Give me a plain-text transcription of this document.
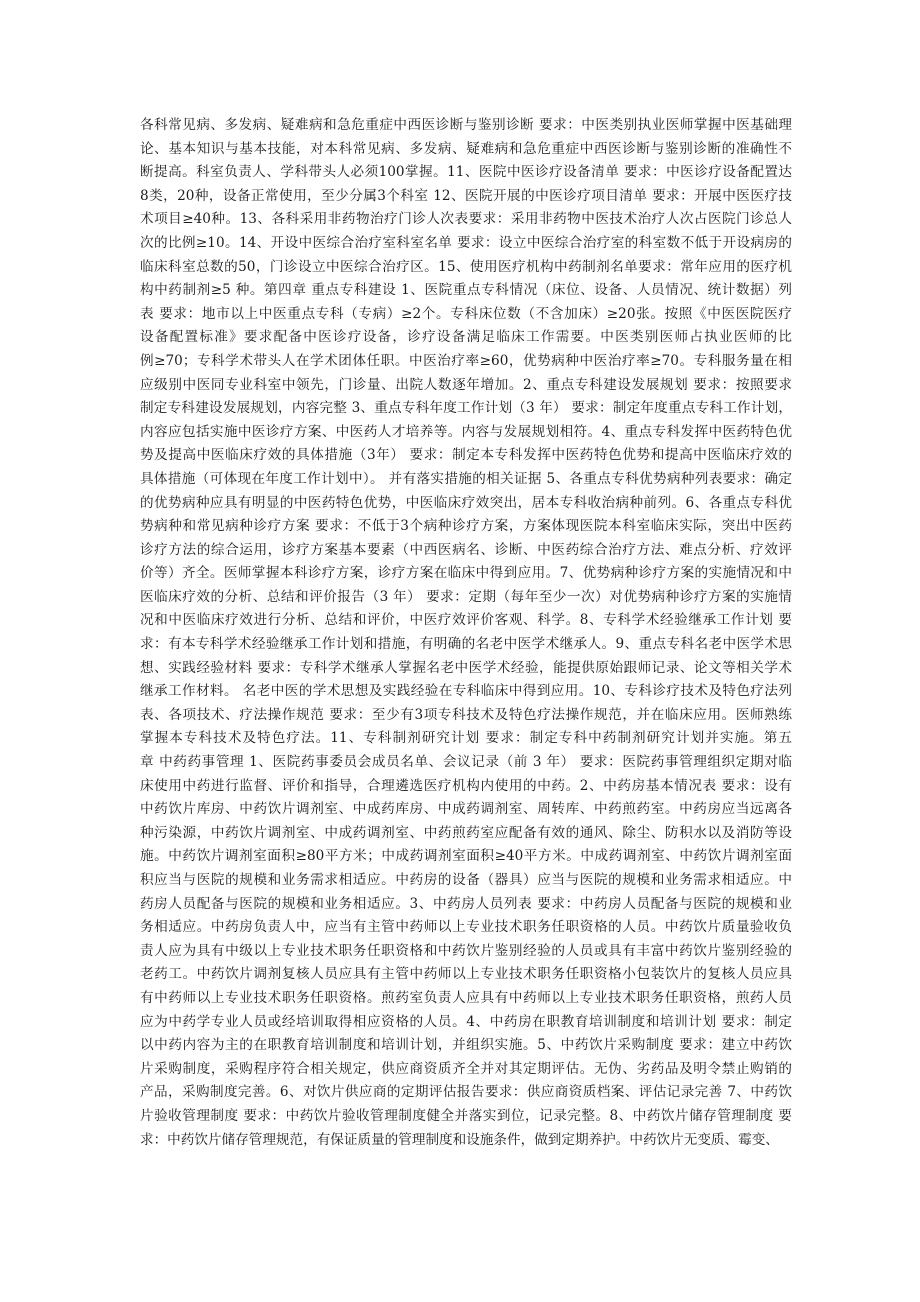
各科常见病、多发病、疑难病和急危重症中西医诊断与鉴别诊断 要求：中医类别执业医师掌握中医基础理
论、基本知识与基本技能，对本科常见病、多发病、疑难病和急危重症中西医诊断与鉴别诊断的准确性不
断提高。科室负责人、学科带头人必须100掌握。11、医院中医诊疗设备清单 要求：中医诊疗设备配置达
8类，20种，设备正常使用，至少分属3个科室 12、医院开展的中医诊疗项目清单 要求：开展中医医疗技
术项目≥40种。13、各科采用非药物治疗门诊人次表要求：采用非药物中医技术治疗人次占医院门诊总人
次的比例≥10。14、开设中医综合治疗室科室名单 要求：设立中医综合治疗室的科室数不低于开设病房的
临床科室总数的50，门诊设立中医综合治疗区。15、使用医疗机构中药制剂名单要求：常年应用的医疗机
构中药制剂≥5 种。第四章 重点专科建设 1、医院重点专科情况（床位、设备、人员情况、统计数据）列
表 要求：地市以上中医重点专科（专病）≥2个。专科床位数（不含加床）≥20张。按照《中医医院医疗
设备配置标准》要求配备中医诊疗设备，诊疗设备满足临床工作需要。中医类别医师占执业医师的比
例≥70；专科学术带头人在学术团体任职。中医治疗率≥60，优势病种中医治疗率≥70。专科服务量在相
应级别中医同专业科室中领先，门诊量、出院人数逐年增加。2、重点专科建设发展规划 要求：按照要求
制定专科建设发展规划，内容完整 3、重点专科年度工作计划（3 年） 要求：制定年度重点专科工作计划，
内容应包括实施中医诊疗方案、中医药人才培养等。内容与发展规划相符。4、重点专科发挥中医药特色优
势及提高中医临床疗效的具体措施（3年） 要求：制定本专科发挥中医药特色优势和提高中医临床疗效的
具体措施（可体现在年度工作计划中）。 并有落实措施的相关证据 5、各重点专科优势病种列表要求：确定
的优势病种应具有明显的中医药特色优势，中医临床疗效突出，居本专科收治病种前列。6、各重点专科优
势病种和常见病种诊疗方案 要求：不低于3个病种诊疗方案，方案体现医院本科室临床实际，突出中医药
诊疗方法的综合运用，诊疗方案基本要素（中西医病名、诊断、中医药综合治疗方法、难点分析、疗效评
价等）齐全。医师掌握本科诊疗方案，诊疗方案在临床中得到应用。7、优势病种诊疗方案的实施情况和中
医临床疗效的分析、总结和评价报告（3 年） 要求：定期（每年至少一次）对优势病种诊疗方案的实施情
况和中医临床疗效进行分析、总结和评价，中医疗效评价客观、科学。8、专科学术经验继承工作计划 要
求：有本专科学术经验继承工作计划和措施，有明确的名老中医学术继承人。9、重点专科名老中医学术思
想、实践经验材料 要求：专科学术继承人掌握名老中医学术经验，能提供原始跟师记录、论文等相关学术
继承工作材料。 名老中医的学术思想及实践经验在专科临床中得到应用。10、专科诊疗技术及特色疗法列
表、各项技术、疗法操作规范 要求：至少有3项专科技术及特色疗法操作规范，并在临床应用。医师熟练
掌握本专科技术及特色疗法。11、专科制剂研究计划 要求：制定专科中药制剂研究计划并实施。第五
章 中药药事管理 1、医院药事委员会成员名单、会议记录（前 3 年） 要求：医院药事管理组织定期对临
床使用中药进行监督、评价和指导，合理遴选医疗机构内使用的中药。2、中药房基本情况表 要求：设有
中药饮片库房、中药饮片调剂室、中成药库房、中成药调剂室、周转库、中药煎药室。中药房应当远离各
种污染源，中药饮片调剂室、中成药调剂室、中药煎药室应配备有效的通风、除尘、防积水以及消防等设
施。中药饮片调剂室面积≥80平方米；中成药调剂室面积≥40平方米。中成药调剂室、中药饮片调剂室面
积应当与医院的规模和业务需求相适应。中药房的设备（器具）应当与医院的规模和业务需求相适应。中
药房人员配备与医院的规模和业务相适应。3、中药房人员列表 要求：中药房人员配备与医院的规模和业
务相适应。中药房负责人中，应当有主管中药师以上专业技术职务任职资格的人员。中药饮片质量验收负
责人应为具有中级以上专业技术职务任职资格和中药饮片鉴别经验的人员或具有丰富中药饮片鉴别经验的
老药工。中药饮片调剂复核人员应具有主管中药师以上专业技术职务任职资格小包装饮片的复核人员应具
有中药师以上专业技术职务任职资格。煎药室负责人应具有中药师以上专业技术职务任职资格，煎药人员
应为中药学专业人员或经培训取得相应资格的人员。4、中药房在职教育培训制度和培训计划 要求：制定
以中药内容为主的在职教育培训制度和培训计划，并组织实施。5、中药饮片采购制度 要求：建立中药饮
片采购制度，采购程序符合相关规定，供应商资质齐全并对其定期评估。无伪、劣药品及明令禁止购销的
产品，采购制度完善。6、对饮片供应商的定期评估报告要求：供应商资质档案、评估记录完善 7、中药饮
片验收管理制度 要求：中药饮片验收管理制度健全并落实到位，记录完整。8、中药饮片储存管理制度 要
求：中药饮片储存管理规范，有保证质量的管理制度和设施条件，做到定期养护。中药饮片无变质、霉变、
